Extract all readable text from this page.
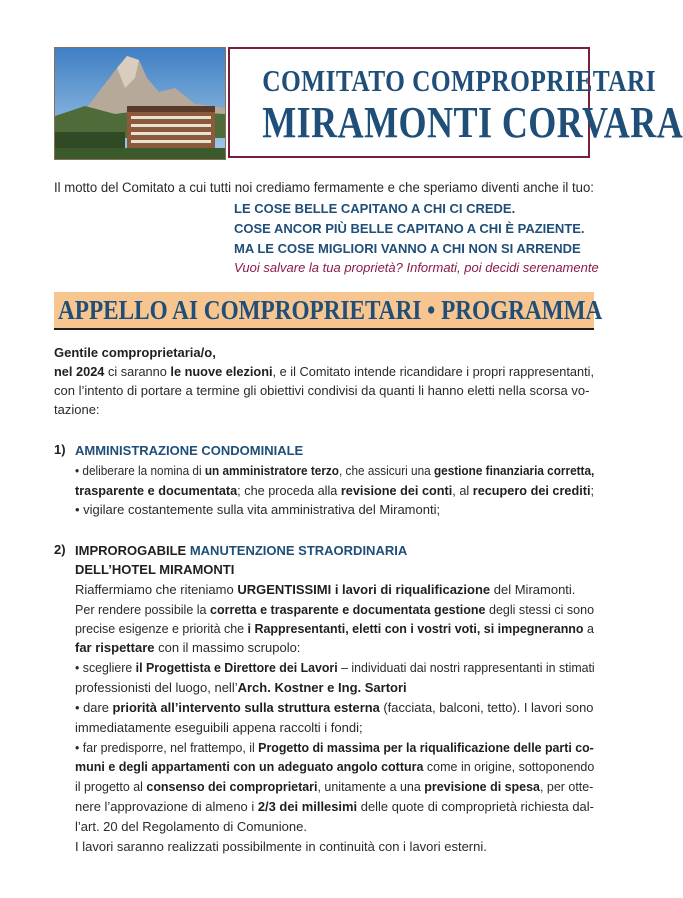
COMITATO COMPROPRIETARI
MIRAMONTI CORVARA
Il motto del Comitato a cui tutti noi crediamo fermamente e che speriamo diventi anche il tuo:
LE COSE BELLE CAPITANO A CHI CI CREDE.
COSE ANCOR PIÙ BELLE CAPITANO A CHI È PAZIENTE.
MA LE COSE MIGLIORI VANNO A CHI NON SI ARRENDE
Vuoi salvare la tua proprietà? Informati, poi decidi serenamente
APPELLO AI COMPROPRIETARI • PROGRAMMA
Gentile comproprietaria/o,
nel 2024 ci saranno le nuove elezioni, e il Comitato intende ricandidare i propri rappresentanti,
con l’intento di portare a termine gli obiettivi condivisi da quanti li hanno eletti nella scorsa vo-
tazione:
1) AMMINISTRAZIONE CONDOMINIALE
• deliberare la nomina di un amministratore terzo, che assicuri una gestione finanziaria corretta,
trasparente e documentata; che proceda alla revisione dei conti, al recupero dei crediti;
• vigilare costantemente sulla vita amministrativa del Miramonti;
2) IMPROROGABILE MANUTENZIONE STRAORDINARIA
DELL’HOTEL MIRAMONTI
Riaffermiamo che riteniamo URGENTISSIMI i lavori di riqualificazione del Miramonti.
Per rendere possibile la corretta e trasparente e documentata gestione degli stessi ci sono
precise esigenze e priorità che i Rappresentanti, eletti con i vostri voti, si impegneranno a
far rispettare con il massimo scrupolo:
• scegliere il Progettista e Direttore dei Lavori – individuati dai nostri rappresentanti in stimati
professionisti del luogo, nell’Arch. Kostner e Ing. Sartori
• dare priorità all’intervento sulla struttura esterna (facciata, balconi, tetto). I lavori sono
immediatamente eseguibili appena raccolti i fondi;
• far predisporre, nel frattempo, il Progetto di massima per la riqualificazione delle parti co-
muni e degli appartamenti con un adeguato angolo cottura come in origine, sottoponendo
il progetto al consenso dei comproprietari, unitamente a una previsione di spesa, per otte-
nere l’approvazione di almeno i 2/3 dei millesimi delle quote di comproprietà richiesta dal-
l’art. 20 del Regolamento di Comunione.
I lavori saranno realizzati possibilmente in continuità con i lavori esterni.
